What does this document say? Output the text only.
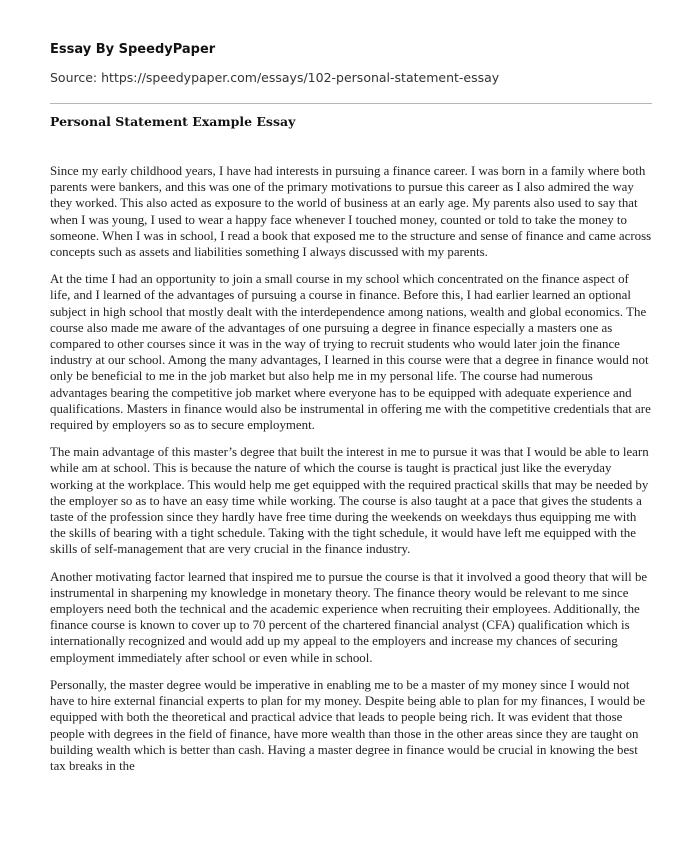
Essay By SpeedyPaper
Source: https://speedypaper.com/essays/102-personal-statement-essay
Personal Statement Example Essay

Since my early childhood years, I have had interests in pursuing a finance career. I was born in a family where both parents were bankers, and this was one of the primary motivations to pursue this career as I also admired the way they worked. This also acted as exposure to the world of business at an early age. My parents also used to say that when I was young, I used to wear a happy face whenever I touched money, counted or told to take the money to someone. When I was in school, I read a book that exposed me to the structure and sense of finance and came across concepts such as assets and liabilities something I always discussed with my parents.

At the time I had an opportunity to join a small course in my school which concentrated on the finance aspect of life, and I learned of the advantages of pursuing a course in finance. Before this, I had earlier learned an optional subject in high school that mostly dealt with the interdependence among nations, wealth and global economics. The course also made me aware of the advantages of one pursuing a degree in finance especially a masters one as compared to other courses since it was in the way of trying to recruit students who would later join the finance industry at our school. Among the many advantages, I learned in this course were that a degree in finance would not only be beneficial to me in the job market but also help me in my personal life. The course had numerous advantages bearing the competitive job market where everyone has to be equipped with adequate experience and qualifications. Masters in finance would also be instrumental in offering me with the competitive credentials that are required by employers so as to secure employment.

The main advantage of this master’s degree that built the interest in me to pursue it was that I would be able to learn while am at school. This is because the nature of which the course is taught is practical just like the everyday working at the workplace. This would help me get equipped with the required practical skills that may be needed by the employer so as to have an easy time while working. The course is also taught at a pace that gives the students a taste of the profession since they hardly have free time during the weekends on weekdays thus equipping me with the skills of bearing with a tight schedule. Taking with the tight schedule, it would have left me equipped with the skills of self-management that are very crucial in the finance industry.

Another motivating factor learned that inspired me to pursue the course is that it involved a good theory that will be instrumental in sharpening my knowledge in monetary theory. The finance theory would be relevant to me since employers need both the technical and the academic experience when recruiting their employees. Additionally, the finance course is known to cover up to 70 percent of the chartered financial analyst (CFA) qualification which is internationally recognized and would add up my appeal to the employers and increase my chances of securing employment immediately after school or even while in school.

Personally, the master degree would be imperative in enabling me to be a master of my money since I would not have to hire external financial experts to plan for my money. Despite being able to plan for my finances, I would be equipped with both the theoretical and practical advice that leads to people being rich. It was evident that those people with degrees in the field of finance, have more wealth than those in the other areas since they are taught on building wealth which is better than cash. Having a master degree in finance would be crucial in knowing the best tax breaks in the
